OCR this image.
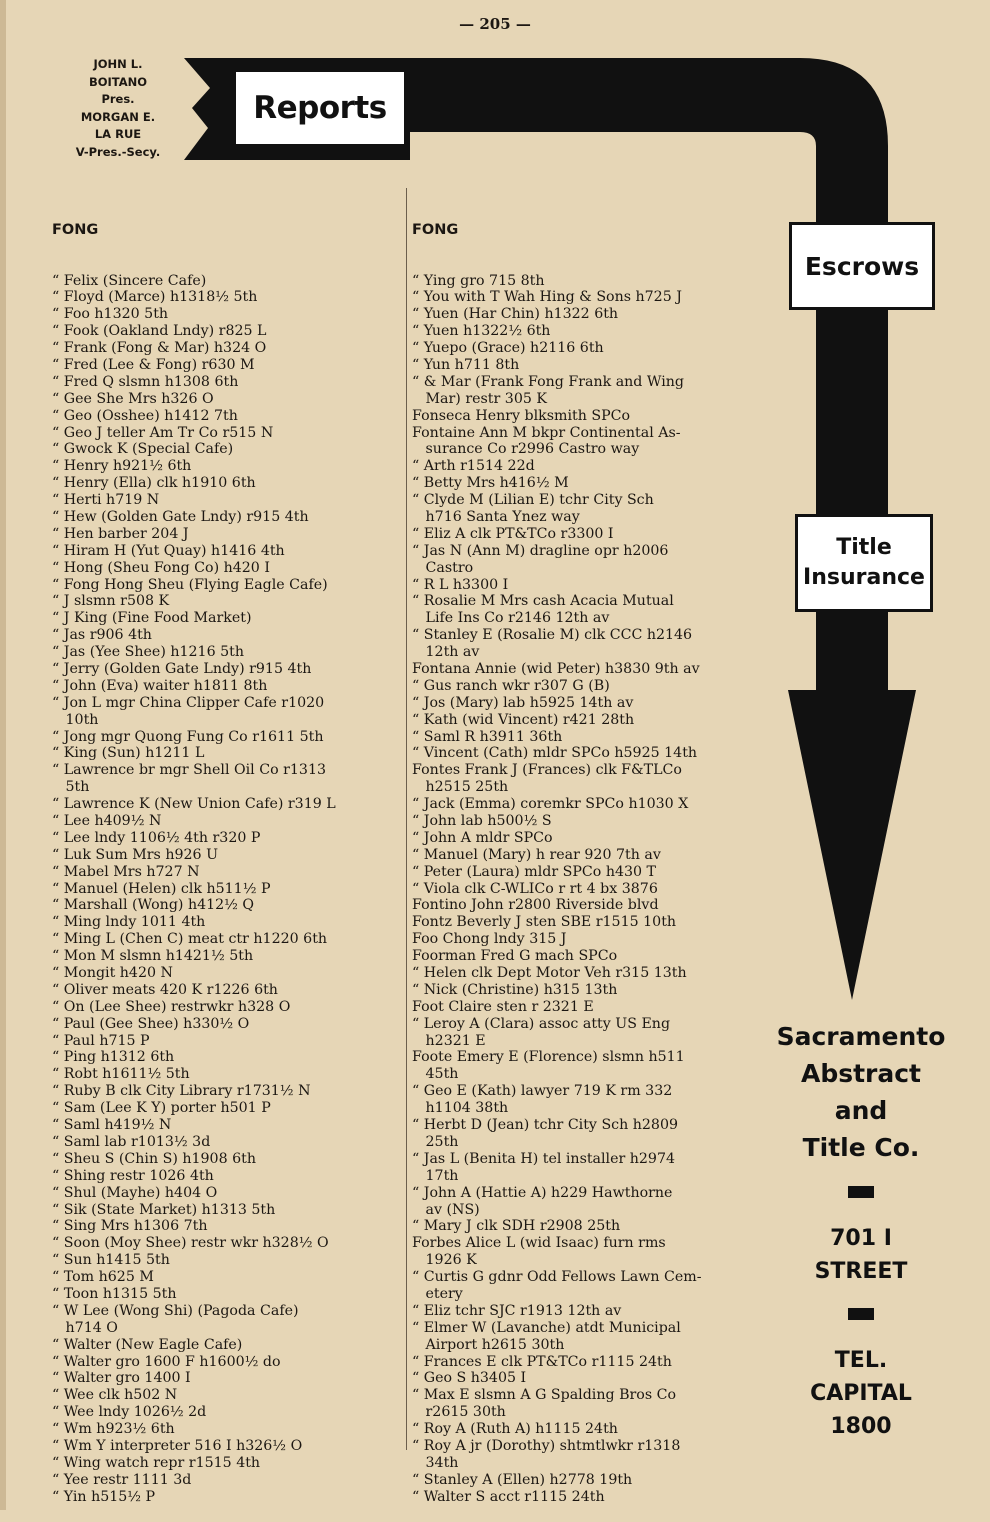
— 205 —
JOHN L.
BOITANO
Pres.
MORGAN E.
LA RUE
V-Pres.-Secy.
Reports
Escrows
Title
Insurance
Sacramento
Abstract
and
Title Co.
701 I
STREET
TEL.
CAPITAL
1800

FONG

“ Felix (Sincere Cafe)
“ Floyd (Marce) h1318½ 5th
“ Foo h1320 5th
“ Fook (Oakland Lndy) r825 L
“ Frank (Fong & Mar) h324 O
“ Fred (Lee & Fong) r630 M
“ Fred Q slsmn h1308 6th
“ Gee She Mrs h326 O
“ Geo (Osshee) h1412 7th
“ Geo J teller Am Tr Co r515 N
“ Gwock K (Special Cafe)
“ Henry h921½ 6th
“ Henry (Ella) clk h1910 6th
“ Herti h719 N
“ Hew (Golden Gate Lndy) r915 4th
“ Hen barber 204 J
“ Hiram H (Yut Quay) h1416 4th
“ Hong (Sheu Fong Co) h420 I
“ Fong Hong Sheu (Flying Eagle Cafe)
“ J slsmn r508 K
“ J King (Fine Food Market)
“ Jas r906 4th
“ Jas (Yee Shee) h1216 5th
“ Jerry (Golden Gate Lndy) r915 4th
“ John (Eva) waiter h1811 8th
“ Jon L mgr China Clipper Cafe r1020
10th
“ Jong mgr Quong Fung Co r1611 5th
“ King (Sun) h1211 L
“ Lawrence br mgr Shell Oil Co r1313
5th
“ Lawrence K (New Union Cafe) r319 L
“ Lee h409½ N
“ Lee lndy 1106½ 4th r320 P
“ Luk Sum Mrs h926 U
“ Mabel Mrs h727 N
“ Manuel (Helen) clk h511½ P
“ Marshall (Wong) h412½ Q
“ Ming lndy 1011 4th
“ Ming L (Chen C) meat ctr h1220 6th
“ Mon M slsmn h1421½ 5th
“ Mongit h420 N
“ Oliver meats 420 K r1226 6th
“ On (Lee Shee) restrwkr h328 O
“ Paul (Gee Shee) h330½ O
“ Paul h715 P
“ Ping h1312 6th
“ Robt h1611½ 5th
“ Ruby B clk City Library r1731½ N
“ Sam (Lee K Y) porter h501 P
“ Saml h419½ N
“ Saml lab r1013½ 3d
“ Sheu S (Chin S) h1908 6th
“ Shing restr 1026 4th
“ Shul (Mayhe) h404 O
“ Sik (State Market) h1313 5th
“ Sing Mrs h1306 7th
“ Soon (Moy Shee) restr wkr h328½ O
“ Sun h1415 5th
“ Tom h625 M
“ Toon h1315 5th
“ W Lee (Wong Shi) (Pagoda Cafe)
h714 O
“ Walter (New Eagle Cafe)
“ Walter gro 1600 F h1600½ do
“ Walter gro 1400 I
“ Wee clk h502 N
“ Wee lndy 1026½ 2d
“ Wm h923½ 6th
“ Wm Y interpreter 516 I h326½ O
“ Wing watch repr r1515 4th
“ Yee restr 1111 3d
“ Yin h515½ P

FONG

“ Ying gro 715 8th
“ You with T Wah Hing & Sons h725 J
“ Yuen (Har Chin) h1322 6th
“ Yuen h1322½ 6th
“ Yuepo (Grace) h2116 6th
“ Yun h711 8th
“ & Mar (Frank Fong Frank and Wing
Mar) restr 305 K
Fonseca Henry blksmith SPCo
Fontaine Ann M bkpr Continental As-
surance Co r2996 Castro way
“ Arth r1514 22d
“ Betty Mrs h416½ M
“ Clyde M (Lilian E) tchr City Sch
h716 Santa Ynez way
“ Eliz A clk PT&TCo r3300 I
“ Jas N (Ann M) dragline opr h2006
Castro
“ R L h3300 I
“ Rosalie M Mrs cash Acacia Mutual
Life Ins Co r2146 12th av
“ Stanley E (Rosalie M) clk CCC h2146
12th av
Fontana Annie (wid Peter) h3830 9th av
“ Gus ranch wkr r307 G (B)
“ Jos (Mary) lab h5925 14th av
“ Kath (wid Vincent) r421 28th
“ Saml R h3911 36th
“ Vincent (Cath) mldr SPCo h5925 14th
Fontes Frank J (Frances) clk F&TLCo
h2515 25th
“ Jack (Emma) coremkr SPCo h1030 X
“ John lab h500½ S
“ John A mldr SPCo
“ Manuel (Mary) h rear 920 7th av
“ Peter (Laura) mldr SPCo h430 T
“ Viola clk C-WLICo r rt 4 bx 3876
Fontino John r2800 Riverside blvd
Fontz Beverly J sten SBE r1515 10th
Foo Chong lndy 315 J
Foorman Fred G mach SPCo
“ Helen clk Dept Motor Veh r315 13th
“ Nick (Christine) h315 13th
Foot Claire sten r 2321 E
“ Leroy A (Clara) assoc atty US Eng
h2321 E
Foote Emery E (Florence) slsmn h511
45th
“ Geo E (Kath) lawyer 719 K rm 332
h1104 38th
“ Herbt D (Jean) tchr City Sch h2809
25th
“ Jas L (Benita H) tel installer h2974
17th
“ John A (Hattie A) h229 Hawthorne
av (NS)
“ Mary J clk SDH r2908 25th
Forbes Alice L (wid Isaac) furn rms
1926 K
“ Curtis G gdnr Odd Fellows Lawn Cem-
etery
“ Eliz tchr SJC r1913 12th av
“ Elmer W (Lavanche) atdt Municipal
Airport h2615 30th
“ Frances E clk PT&TCo r1115 24th
“ Geo S h3405 I
“ Max E slsmn A G Spalding Bros Co
r2615 30th
“ Roy A (Ruth A) h1115 24th
“ Roy A jr (Dorothy) shtmtlwkr r1318
34th
“ Stanley A (Ellen) h2778 19th
“ Walter S acct r1115 24th
